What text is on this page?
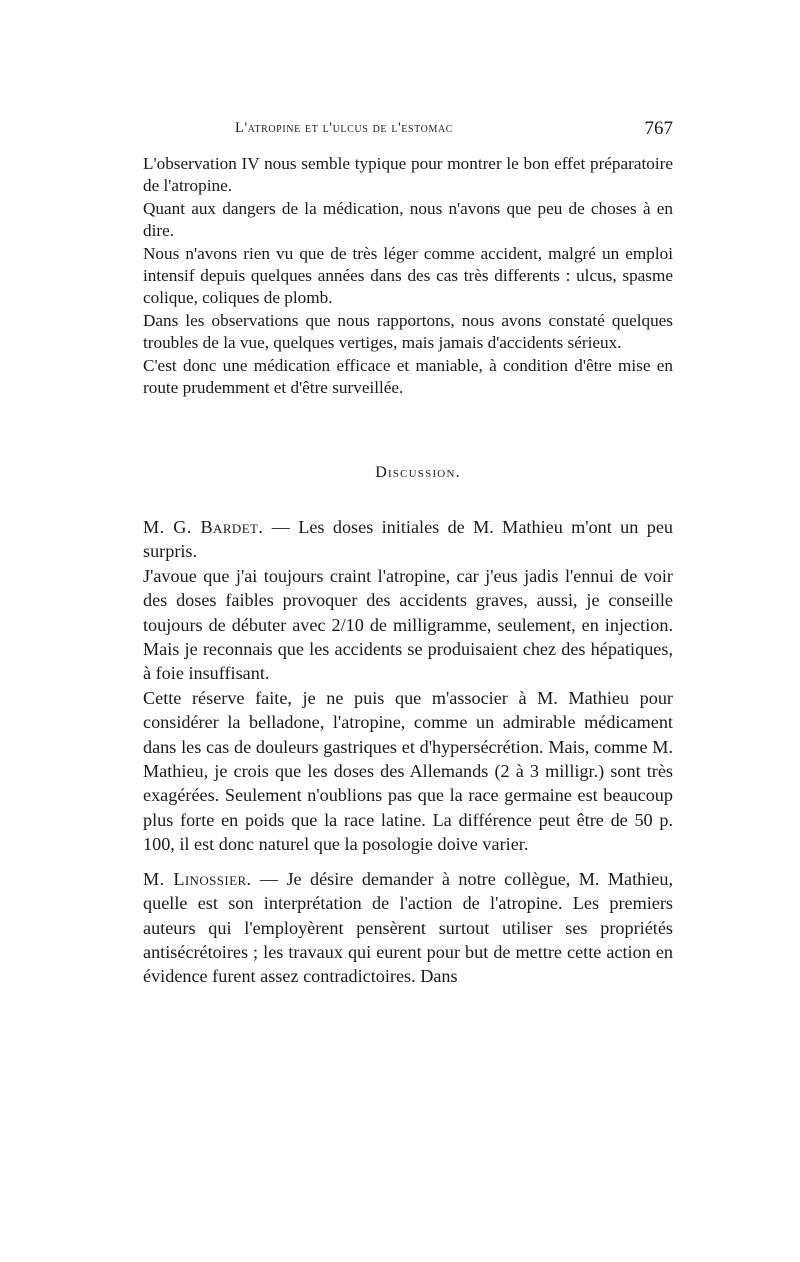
L'atropine et l'ulcus de l'estomac	767

L'observation IV nous semble typique pour montrer le bon effet préparatoire de l'atropine.

Quant aux dangers de la médication, nous n'avons que peu de choses à en dire.

Nous n'avons rien vu que de très léger comme accident, malgré un emploi intensif depuis quelques années dans des cas très differents : ulcus, spasme colique, coliques de plomb.

Dans les observations que nous rapportons, nous avons constaté quelques troubles de la vue, quelques vertiges, mais jamais d'accidents sérieux.

C'est donc une médication efficace et maniable, à condition d'être mise en route prudemment et d'être surveillée.

Discussion.

M. G. Bardet. — Les doses initiales de M. Mathieu m'ont un peu surpris.

J'avoue que j'ai toujours craint l'atropine, car j'eus jadis l'ennui de voir des doses faibles provoquer des accidents graves, aussi, je conseille toujours de débuter avec 2/10 de milligramme, seulement, en injection. Mais je reconnais que les accidents se produisaient chez des hépatiques, à foie insuffisant.

Cette réserve faite, je ne puis que m'associer à M. Mathieu pour considérer la belladone, l'atropine, comme un admirable médicament dans les cas de douleurs gastriques et d'hypersécrétion. Mais, comme M. Mathieu, je crois que les doses des Allemands (2 à 3 milligr.) sont très exagérées. Seulement n'oublions pas que la race germaine est beaucoup plus forte en poids que la race latine. La différence peut être de 50 p. 100, il est donc naturel que la posologie doive varier.

M. Linossier. — Je désire demander à notre collègue, M. Mathieu, quelle est son interprétation de l'action de l'atropine. Les premiers auteurs qui l'employèrent pensèrent surtout utiliser ses propriétés antisécrétoires ; les travaux qui eurent pour but de mettre cette action en évidence furent assez contradictoires. Dans
